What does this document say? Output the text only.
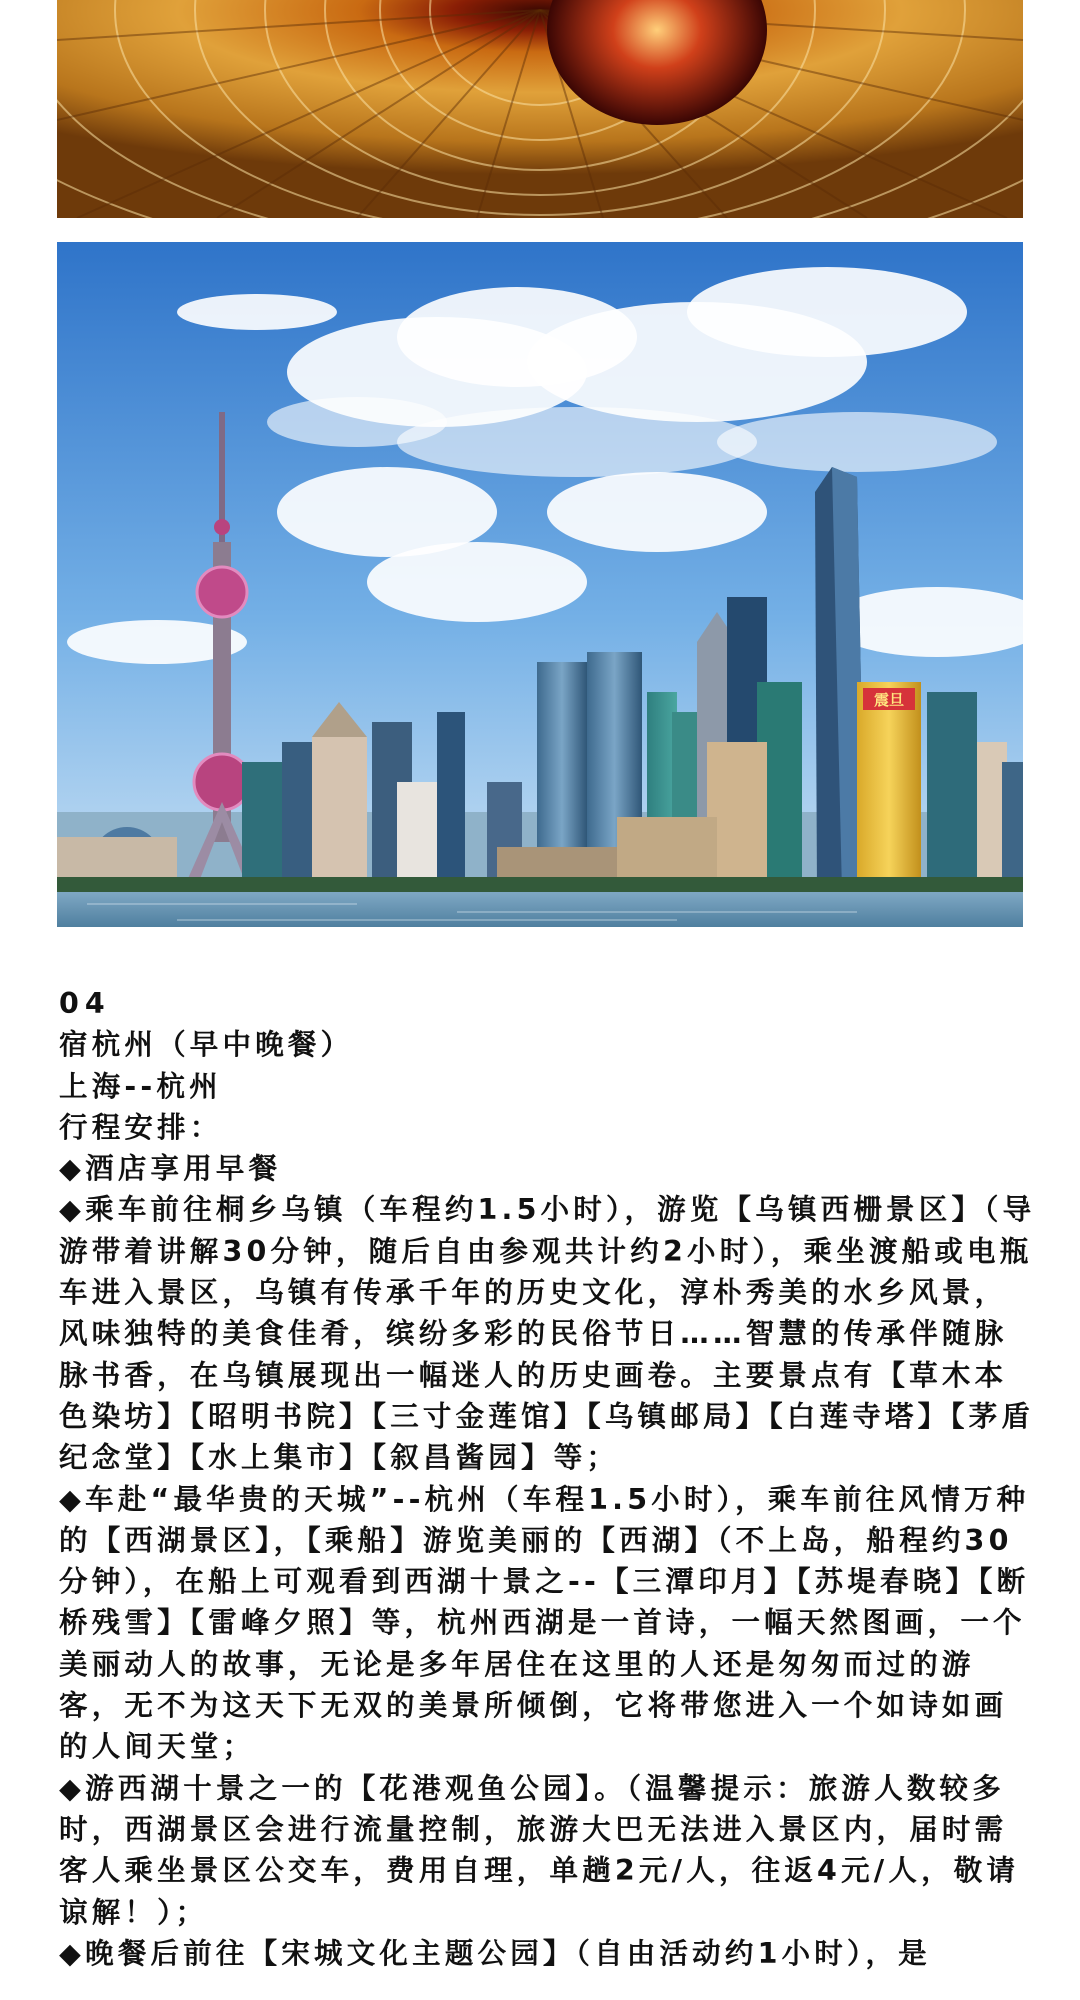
震旦

04

宿杭州（早中晚餐）

上海--杭州

行程安排：

◆酒店享用早餐

◆乘车前往桐乡乌镇（车程约1.5小时），游览【乌镇西栅景区】（导游带着讲解30分钟，随后自由参观共计约2小时），乘坐渡船或电瓶车进入景区，乌镇有传承千年的历史文化，淳朴秀美的水乡风景，风味独特的美食佳肴，缤纷多彩的民俗节日……智慧的传承伴随脉脉书香，在乌镇展现出一幅迷人的历史画卷。主要景点有【草木本色染坊】【昭明书院】【三寸金莲馆】【乌镇邮局】【白莲寺塔】【茅盾纪念堂】【水上集市】【叙昌酱园】等；

◆车赴“最华贵的天城”--杭州（车程1.5小时），乘车前往风情万种的【西湖景区】，【乘船】游览美丽的【西湖】（不上岛，船程约30分钟），在船上可观看到西湖十景之--【三潭印月】【苏堤春晓】【断桥残雪】【雷峰夕照】等，杭州西湖是一首诗，一幅天然图画，一个美丽动人的故事，无论是多年居住在这里的人还是匆匆而过的游客，无不为这天下无双的美景所倾倒，它将带您进入一个如诗如画的人间天堂；

◆游西湖十景之一的【花港观鱼公园】。（温馨提示：旅游人数较多时，西湖景区会进行流量控制，旅游大巴无法进入景区内，届时需客人乘坐景区公交车，费用自理，单趟2元/人，往返4元/人，敬请谅解！）；

◆晚餐后前往【宋城文化主题公园】（自由活动约1小时），是
